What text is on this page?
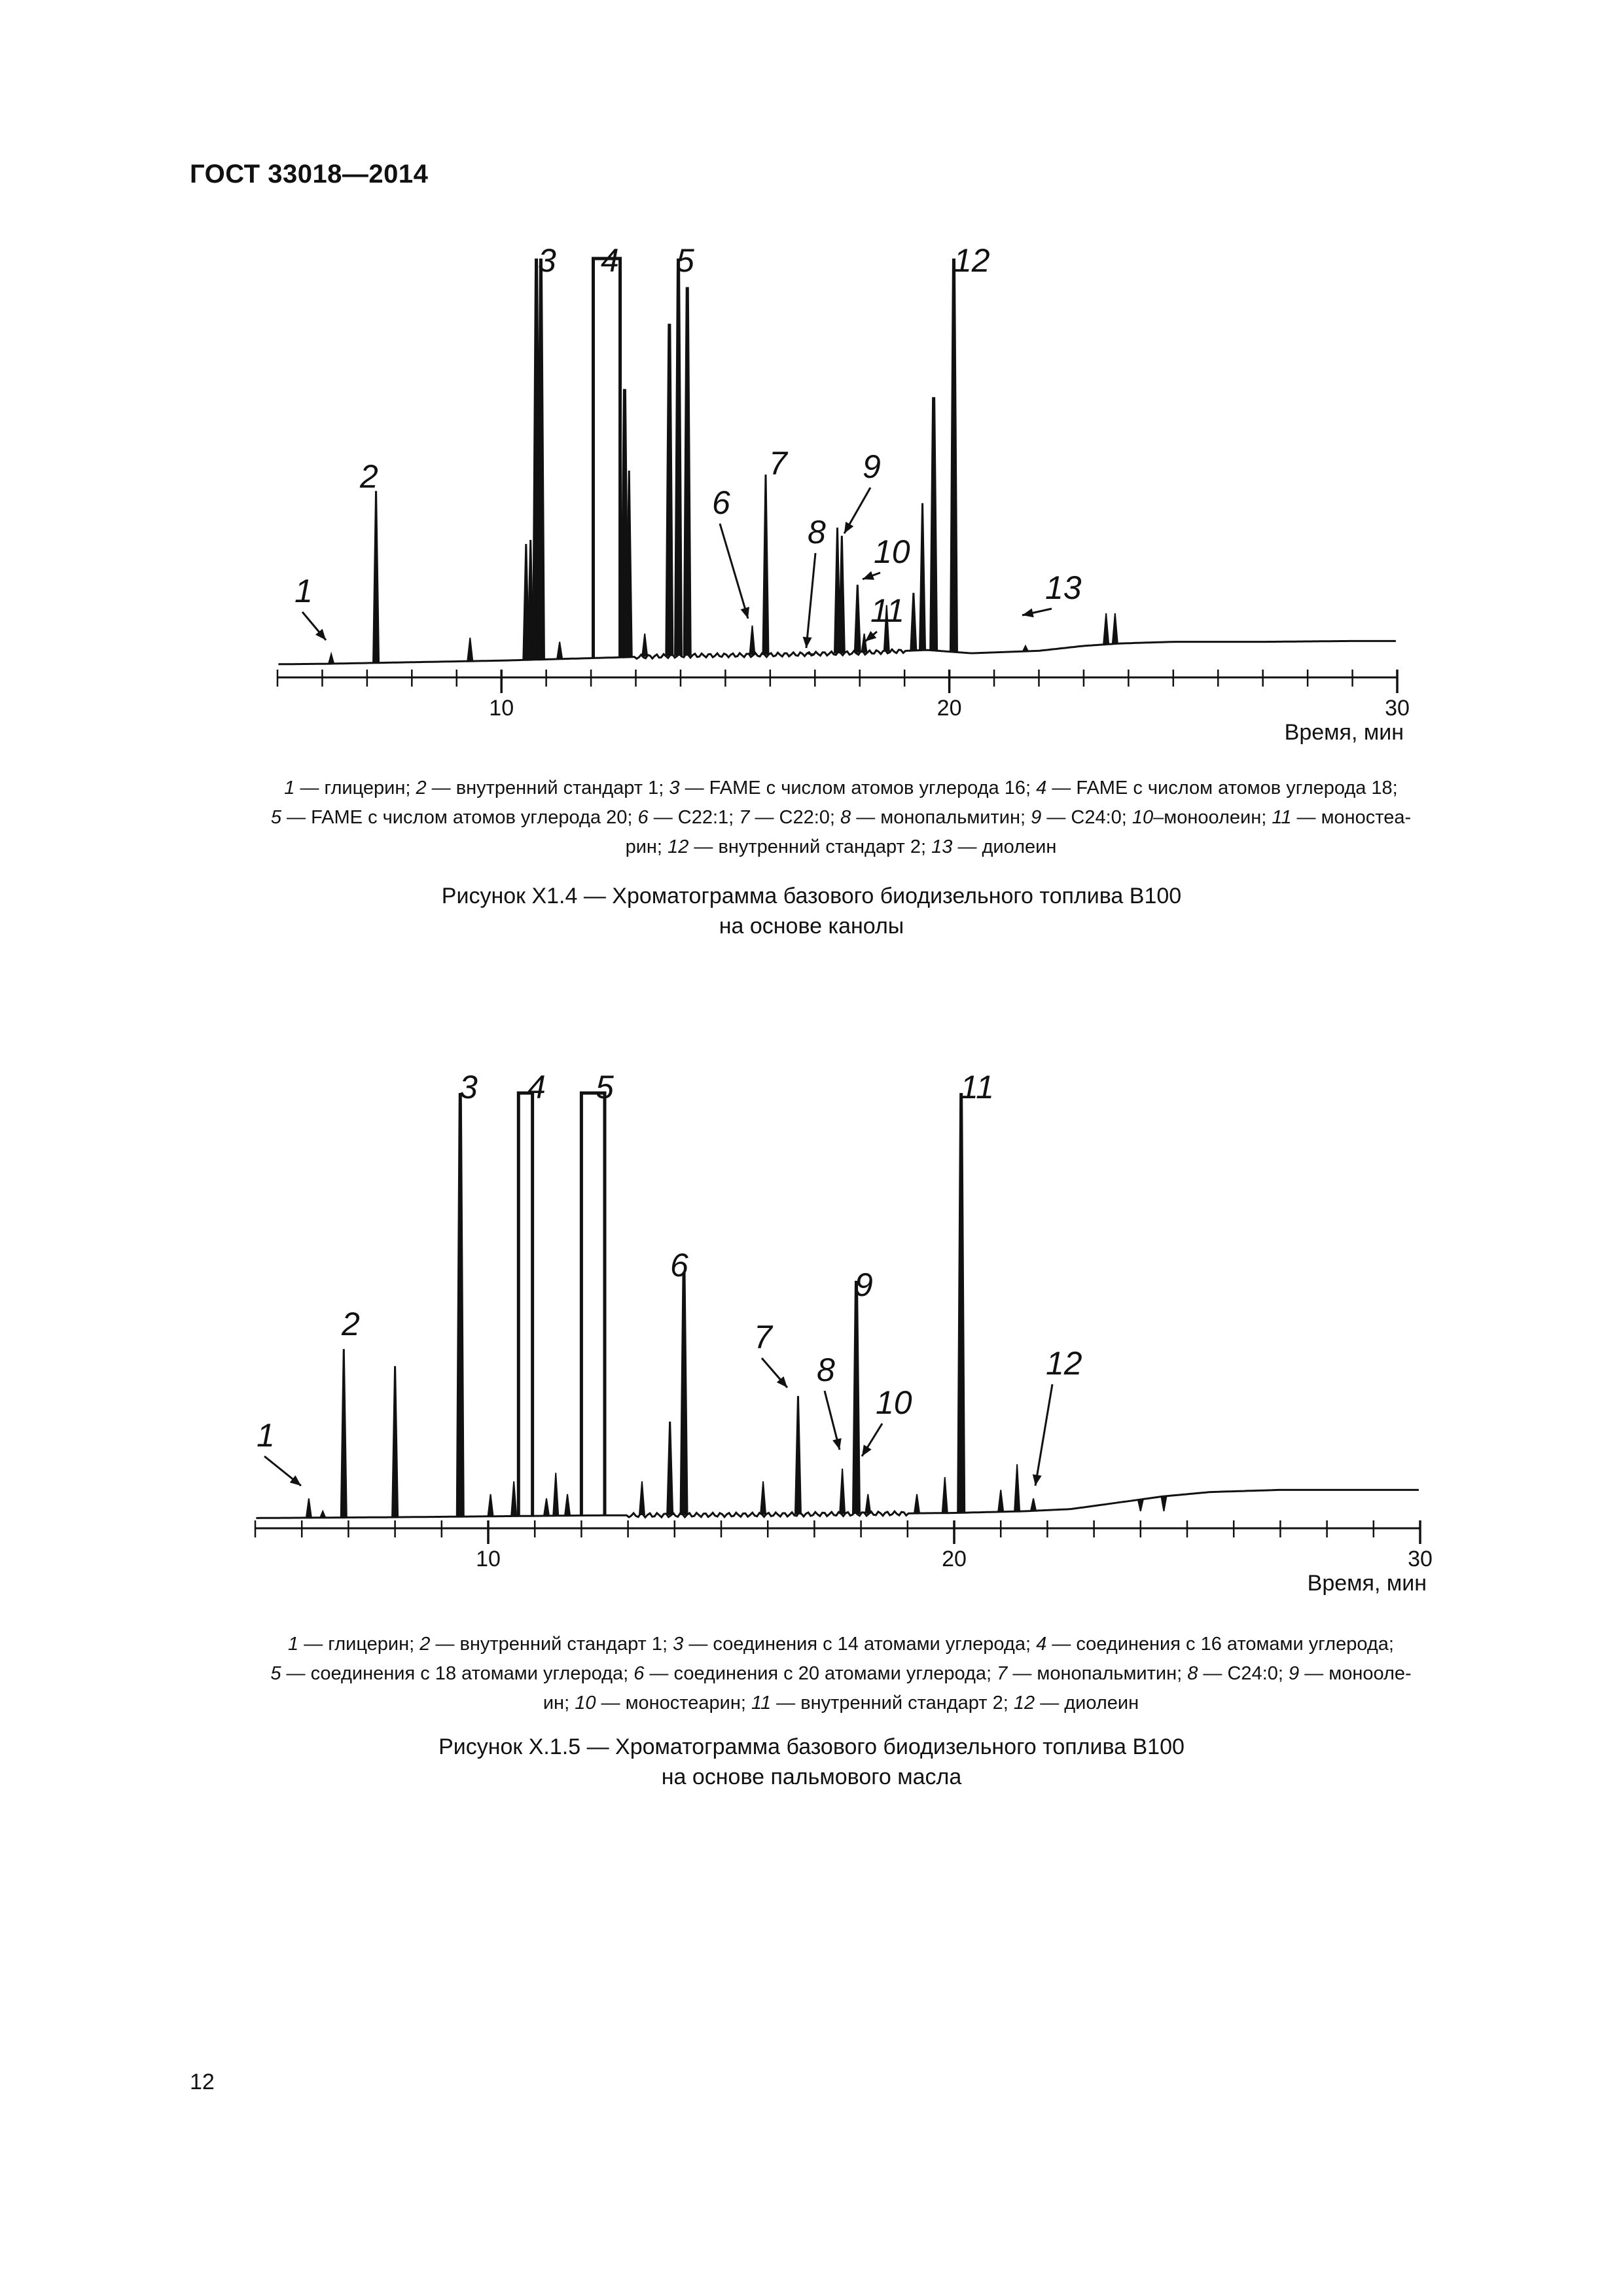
ГОСТ 33018—2014
10	20	30
Время, мин
1
2
3 4 5
6
7
8
9
10
11
12
13
1 — глицерин; 2 — внутренний стандарт 1; 3 — FAME с числом атомов углерода 16; 4 — FAME с числом атомов углерода 18;
5 — FAME с числом атомов углерода 20; 6 — C22:1; 7 — C22:0; 8 — монопальмитин; 9 — C24:0; 10–моноолеин; 11 — моностеа-
рин; 12 — внутренний стандарт 2; 13 — диолеин
Рисунок X1.4 — Хроматограмма базового биодизельного топлива В100
на основе канолы
10	20	30
Время, мин
1
2
3 4 5
6
7
8
9
10
11
12
1 — глицерин; 2 — внутренний стандарт 1; 3 — соединения с 14 атомами углерода; 4 — соединения с 16 атомами углерода;
5 — соединения с 18 атомами углерода; 6 — соединения с 20 атомами углерода; 7 — монопальмитин; 8 — C24:0; 9 — монооле-
ин; 10 — моностеарин; 11 — внутренний стандарт 2; 12 — диолеин
Рисунок X.1.5 — Хроматограмма базового биодизельного топлива В100
на основе пальмового масла
12
